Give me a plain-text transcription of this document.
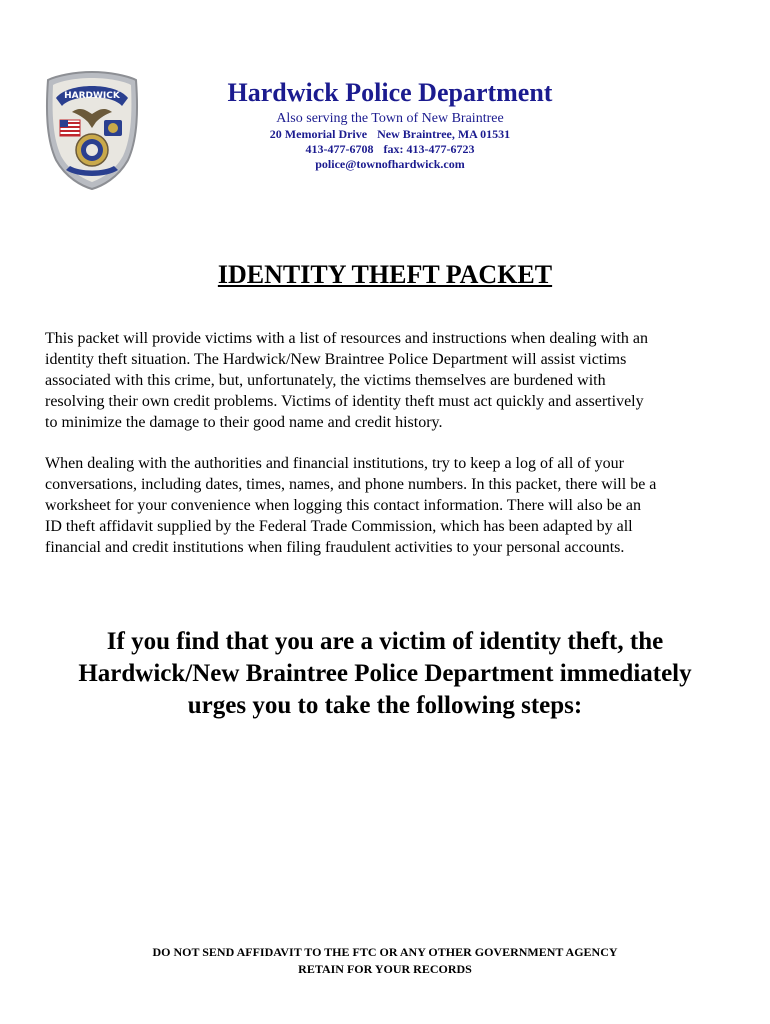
HARDWICK	Hardwick Police Department
Also serving the Town of New Braintree
20 Memorial Drive New Braintree, MA 01531
413-477-6708 fax: 413-477-6723
police@townofhardwick.com
IDENTITY THEFT PACKET

This packet will provide victims with a list of resources and instructions when dealing with an
identity theft situation. The Hardwick/New Braintree Police Department will assist victims
associated with this crime, but, unfortunately, the victims themselves are burdened with
resolving their own credit problems. Victims of identity theft must act quickly and assertively
to minimize the damage to their good name and credit history.

When dealing with the authorities and financial institutions, try to keep a log of all of your
conversations, including dates, times, names, and phone numbers. In this packet, there will be a
worksheet for your convenience when logging this contact information. There will also be an
ID theft affidavit supplied by the Federal Trade Commission, which has been adapted by all
financial and credit institutions when filing fraudulent activities to your personal accounts.

If you find that you are a victim of identity theft, the
Hardwick/New Braintree Police Department immediately
urges you to take the following steps:
DO NOT SEND AFFIDAVIT TO THE FTC OR ANY OTHER GOVERNMENT AGENCY
RETAIN FOR YOUR RECORDS
